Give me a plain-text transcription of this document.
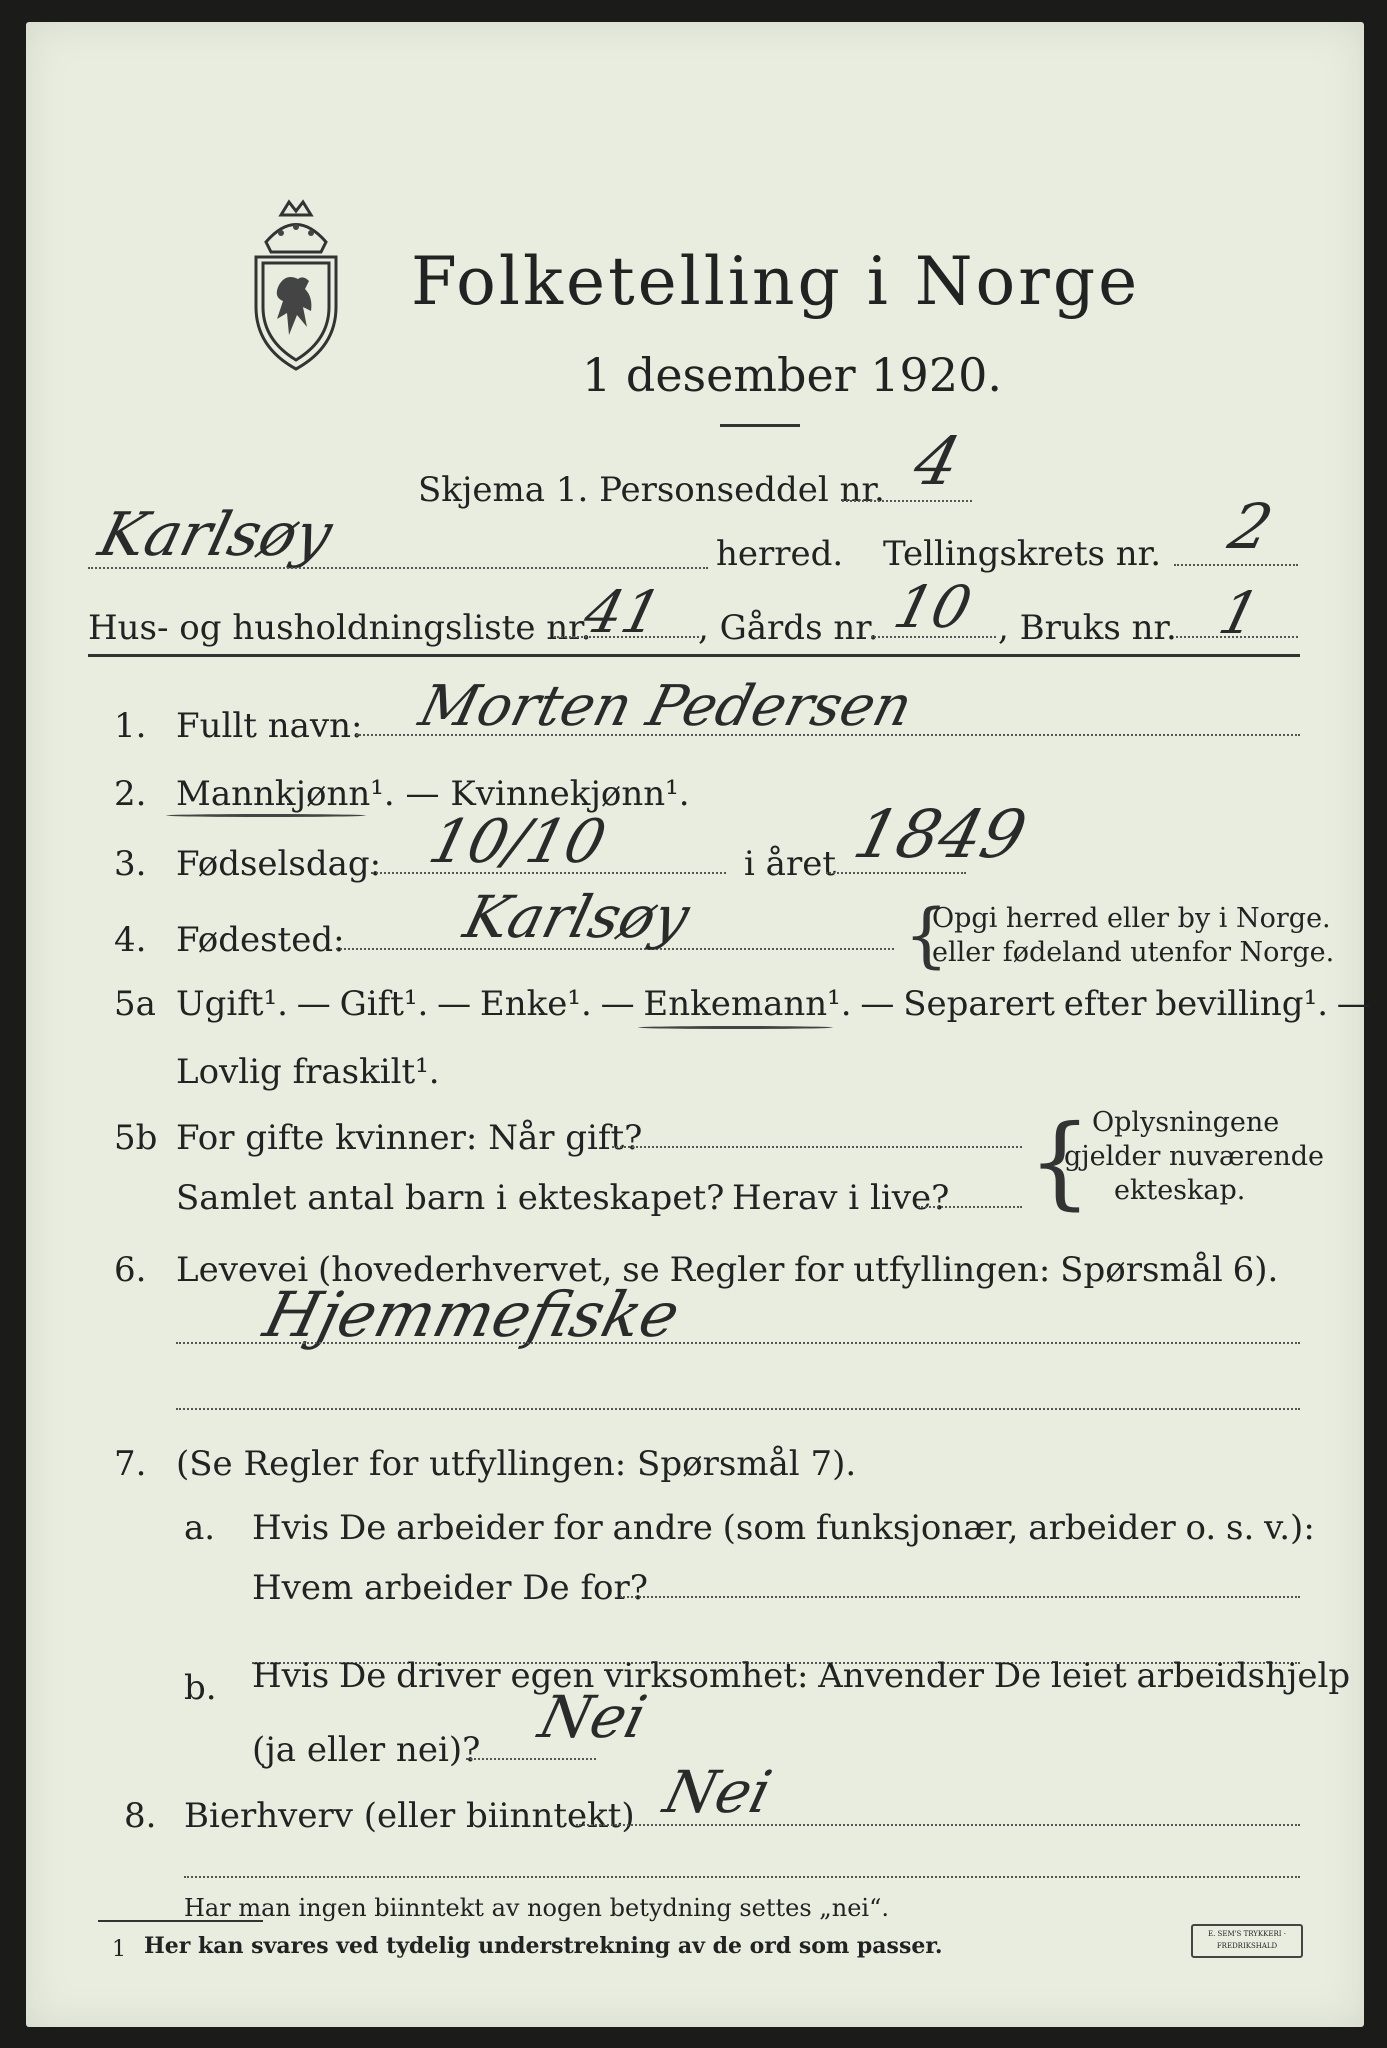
Folketelling i Norge
1 desember 1920.
Skjema 1. Personseddel nr. 4
Karlsøy	herred. Tellingskrets nr. 2
Hus- og husholdningsliste nr.
41 , Gårds nr. 10 , Bruks nr. 1
1. Fullt navn: Morten Pedersen
2. Mannkjønn¹. — Kvinnekjønn¹.
3. Fødselsdag: 10/10	i året 1849
4. Fødested: Karlsøy	{
Opgi herred eller by i Norge.
eller fødeland utenfor Norge.
5a Ugift¹. — Gift¹. — Enke¹. — Enkemann¹. — Separert efter bevilling¹. —
Lovlig fraskilt¹.
5b For gifte kvinner: Når gift?
Samlet antal barn i ekteskapet? Herav i live? { Oplysningene
gjelder nuværende
ekteskap.
6. Levevei (hovederhvervet, se Regler for utfyllingen: Spørsmål 6).
Hjemmefiske
7. (Se Regler for utfyllingen: Spørsmål 7).
a. Hvis De arbeider for andre (som funksjonær, arbeider o. s. v.):
Hvem arbeider De for?
b. Hvis De driver egen virksomhet: Anvender De leiet arbeidshjelp
(ja eller nei)? Nei
8. Bierhverv (eller biinntekt) Nei
Har man ingen biinntekt av nogen betydning settes „nei“.
1 Her kan svares ved tydelig understrekning av de ord som passer.	E. SEM'S TRYKKERI · FREDRIKSHALD
